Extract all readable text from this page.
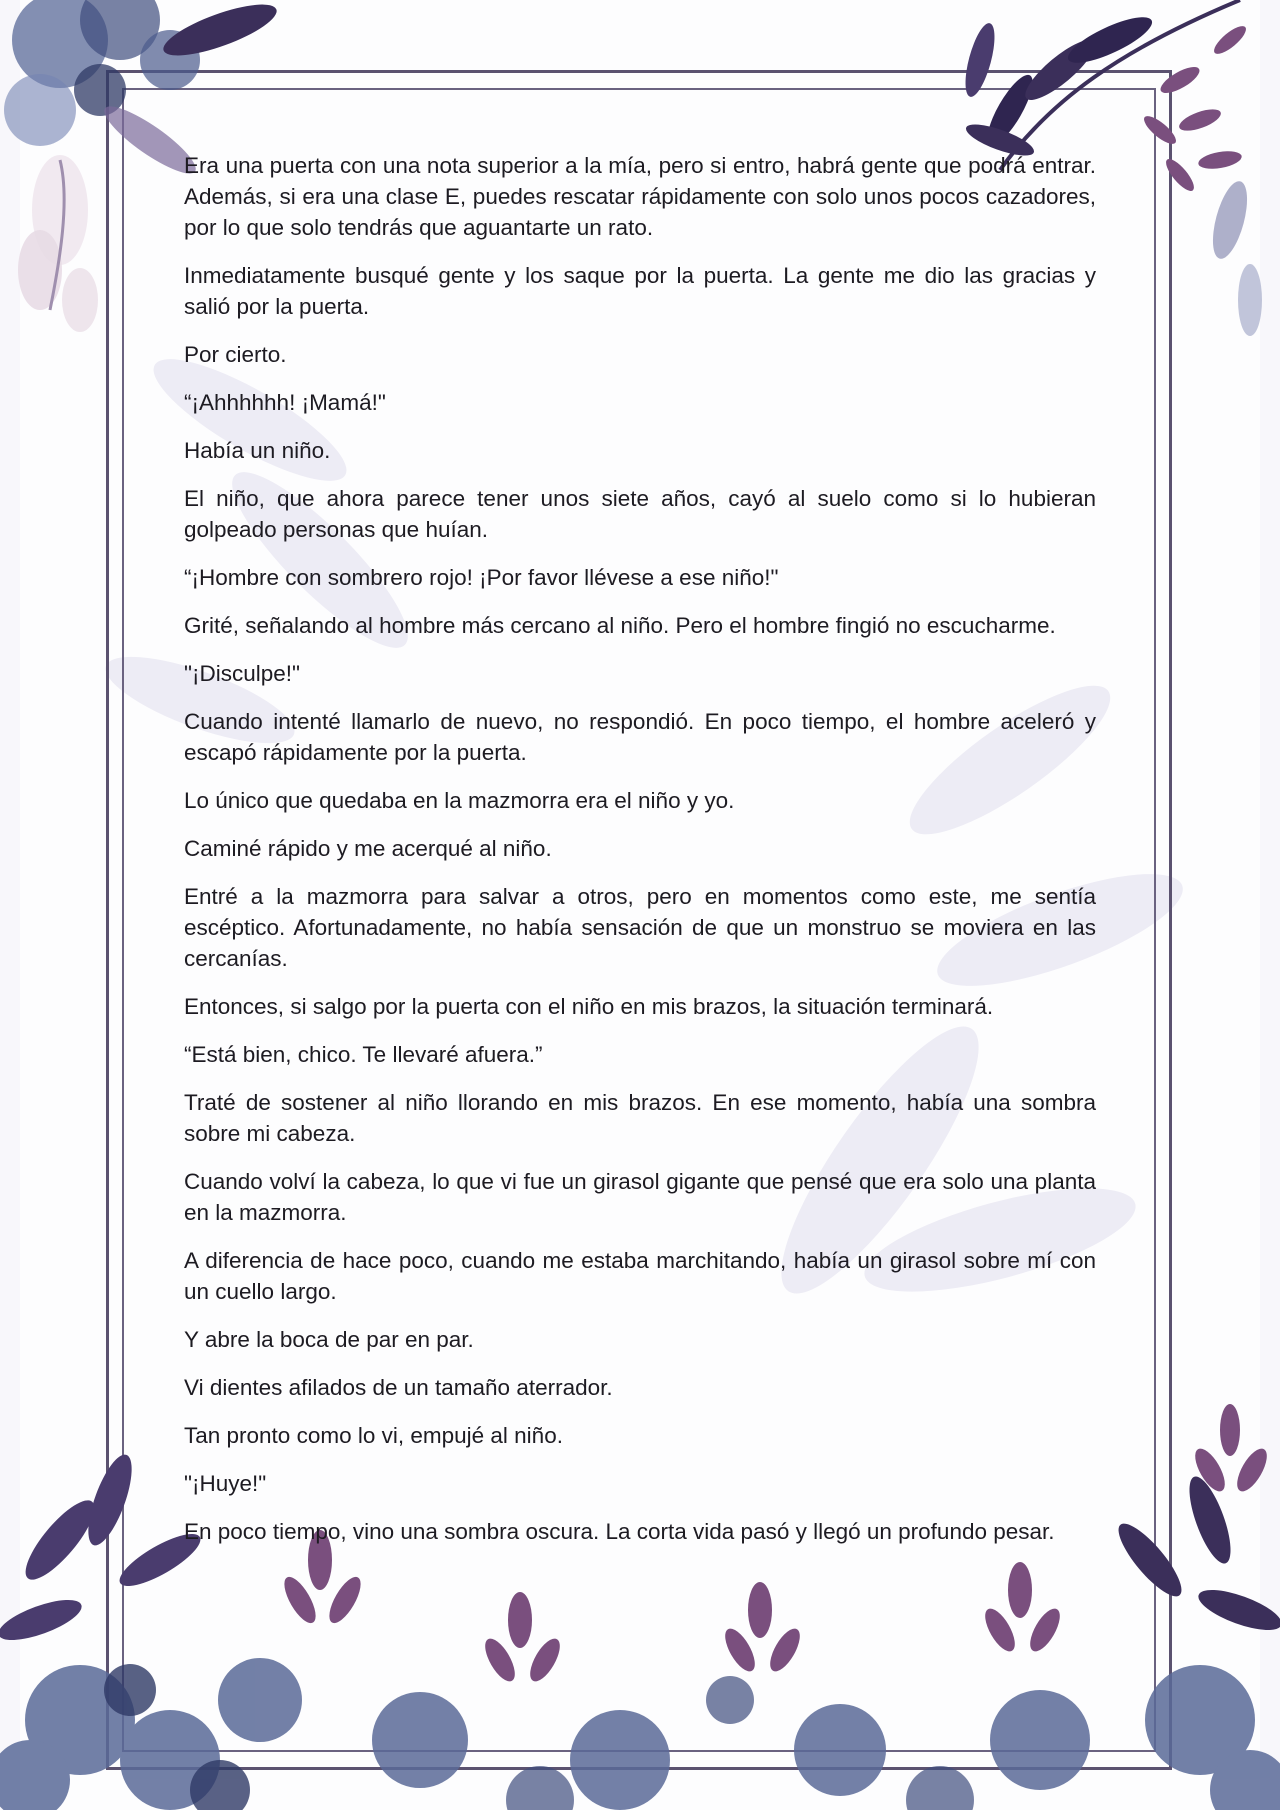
Era una puerta con una nota superior a la mía, pero si entro, habrá gente que podrá entrar. Además, si era una clase E, puedes rescatar rápidamente con solo unos pocos cazadores, por lo que solo tendrás que aguantarte un rato.

Inmediatamente busqué gente y los saque por la puerta. La gente me dio las gracias y salió por la puerta.

Por cierto.

“¡Ahhhhhh! ¡Mamá!"

Había un niño.

El niño, que ahora parece tener unos siete años, cayó al suelo como si lo hubieran golpeado personas que huían.

“¡Hombre con sombrero rojo! ¡Por favor llévese a ese niño!"

Grité, señalando al hombre más cercano al niño. Pero el hombre fingió no escucharme.

"¡Disculpe!"

Cuando intenté llamarlo de nuevo, no respondió. En poco tiempo, el hombre aceleró y escapó rápidamente por la puerta.

Lo único que quedaba en la mazmorra era el niño y yo.

Caminé rápido y me acerqué al niño.

Entré a la mazmorra para salvar a otros, pero en momentos como este, me sentía escéptico. Afortunadamente, no había sensación de que un monstruo se moviera en las cercanías.

Entonces, si salgo por la puerta con el niño en mis brazos, la situación terminará.

“Está bien, chico. Te llevaré afuera.”

Traté de sostener al niño llorando en mis brazos. En ese momento, había una sombra sobre mi cabeza.

Cuando volví la cabeza, lo que vi fue un girasol gigante que pensé que era solo una planta en la mazmorra.

A diferencia de hace poco, cuando me estaba marchitando, había un girasol sobre mí con un cuello largo.

Y abre la boca de par en par.

Vi dientes afilados de un tamaño aterrador.

Tan pronto como lo vi, empujé al niño.

"¡Huye!"

En poco tiempo, vino una sombra oscura. La corta vida pasó y llegó un profundo pesar.
